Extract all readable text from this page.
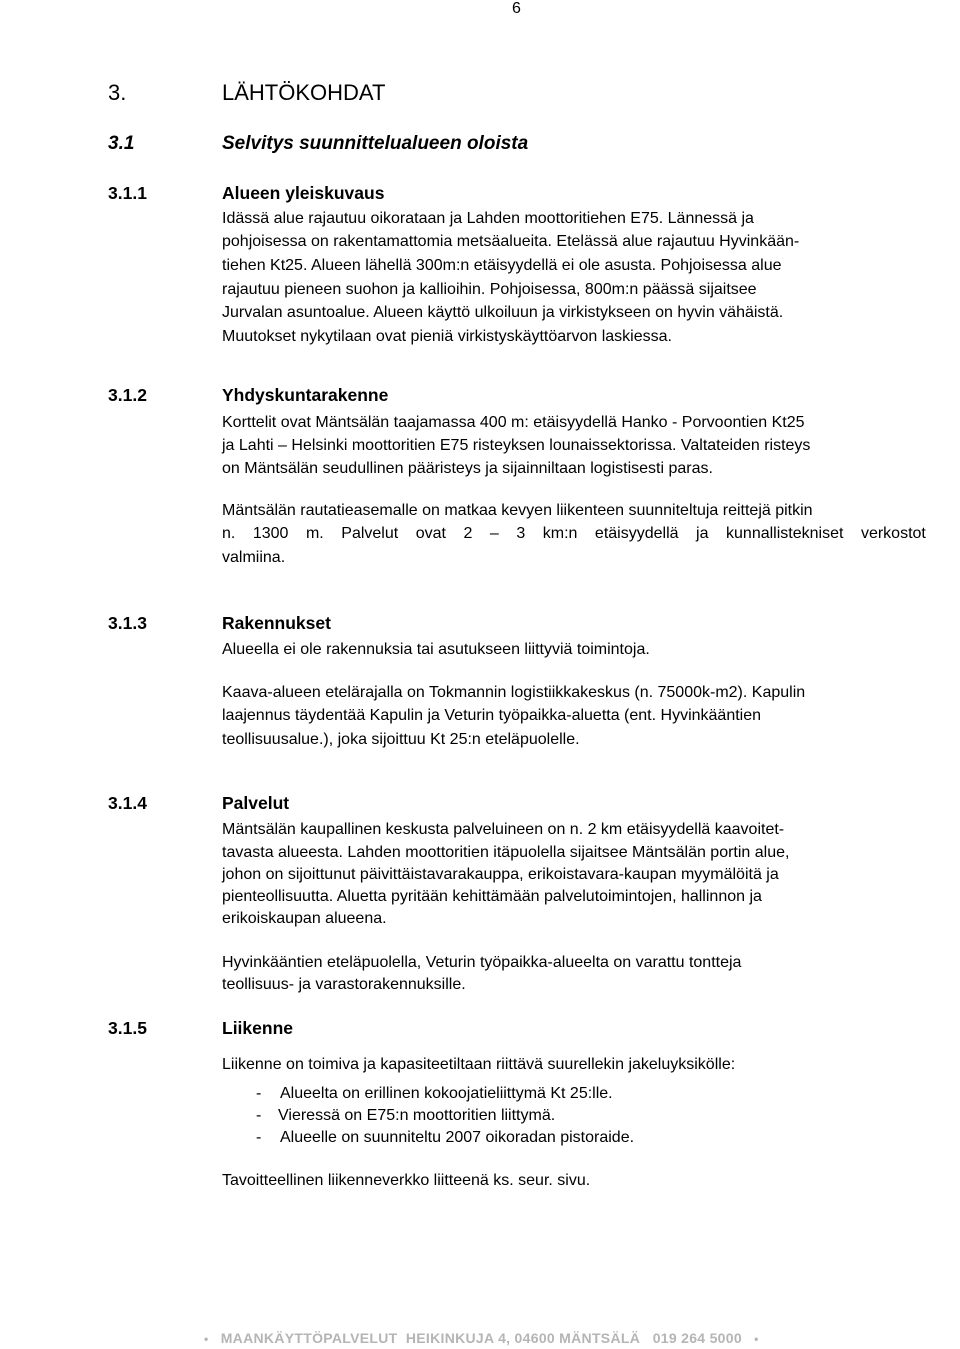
6
3.	LÄHTÖKOHDAT
3.1	Selvitys suunnittelualueen oloista
3.1.1	Alueen yleiskuvaus
Idässä alue rajautuu oikorataan ja Lahden moottoritiehen E75. Lännessä ja
pohjoisessa on rakentamattomia metsäalueita. Etelässä alue rajautuu Hyvinkään-
tiehen Kt25. Alueen lähellä 300m:n etäisyydellä ei ole asusta. Pohjoisessa alue
rajautuu pieneen suohon ja kallioihin. Pohjoisessa, 800m:n päässä sijaitsee
Jurvalan asuntoalue. Alueen käyttö ulkoiluun ja virkistykseen on hyvin vähäistä.
Muutokset nykytilaan ovat pieniä virkistyskäyttöarvon laskiessa.
3.1.2	Yhdyskuntarakenne
Korttelit ovat Mäntsälän taajamassa 400 m: etäisyydellä Hanko - Porvoontien Kt25
ja Lahti – Helsinki moottoritien E75 risteyksen lounaissektorissa. Valtateiden risteys
on Mäntsälän seudullinen pääristeys ja sijainniltaan logistisesti paras.
Mäntsälän rautatieasemalle on matkaa kevyen liikenteen suunniteltuja reittejä pitkin
n. 1300 m. Palvelut ovat 2 – 3 km:n etäisyydellä ja kunnallistekniset verkostot
valmiina.
3.1.3	Rakennukset
Alueella ei ole rakennuksia tai asutukseen liittyviä toimintoja.
Kaava-alueen etelärajalla on Tokmannin logistiikkakeskus (n. 75000k-m2). Kapulin
laajennus täydentää Kapulin ja Veturin työpaikka-aluetta (ent. Hyvinkääntien
teollisuusalue.), joka sijoittuu Kt 25:n eteläpuolelle.
3.1.4	Palvelut
Mäntsälän kaupallinen keskusta palveluineen on n. 2 km etäisyydellä kaavoitet-
tavasta alueesta. Lahden moottoritien itäpuolella sijaitsee Mäntsälän portin alue,
johon on sijoittunut päivittäistavarakauppa, erikoistavara-kaupan myymälöitä ja
pienteollisuutta. Aluetta pyritään kehittämään palvelutoimintojen, hallinnon ja
erikoiskaupan alueena.
Hyvinkääntien eteläpuolella, Veturin työpaikka-alueelta on varattu tontteja
teollisuus- ja varastorakennuksille.
3.1.5	Liikenne
Liikenne on toimiva ja kapasiteetiltaan riittävä suurellekin jakeluyksikölle:
- Alueelta on erillinen kokoojatieliittymä Kt 25:lle.
- Vieressä on E75:n moottoritien liittymä.
- Alueelle on suunniteltu 2007 oikoradan pistoraide.
Tavoitteellinen liikenneverkko liitteenä ks. seur. sivu.
• MAANKÄYTTÖPALVELUT  HEIKINKUJA 4, 04600 MÄNTSÄLÄ   019 264 5000 •
